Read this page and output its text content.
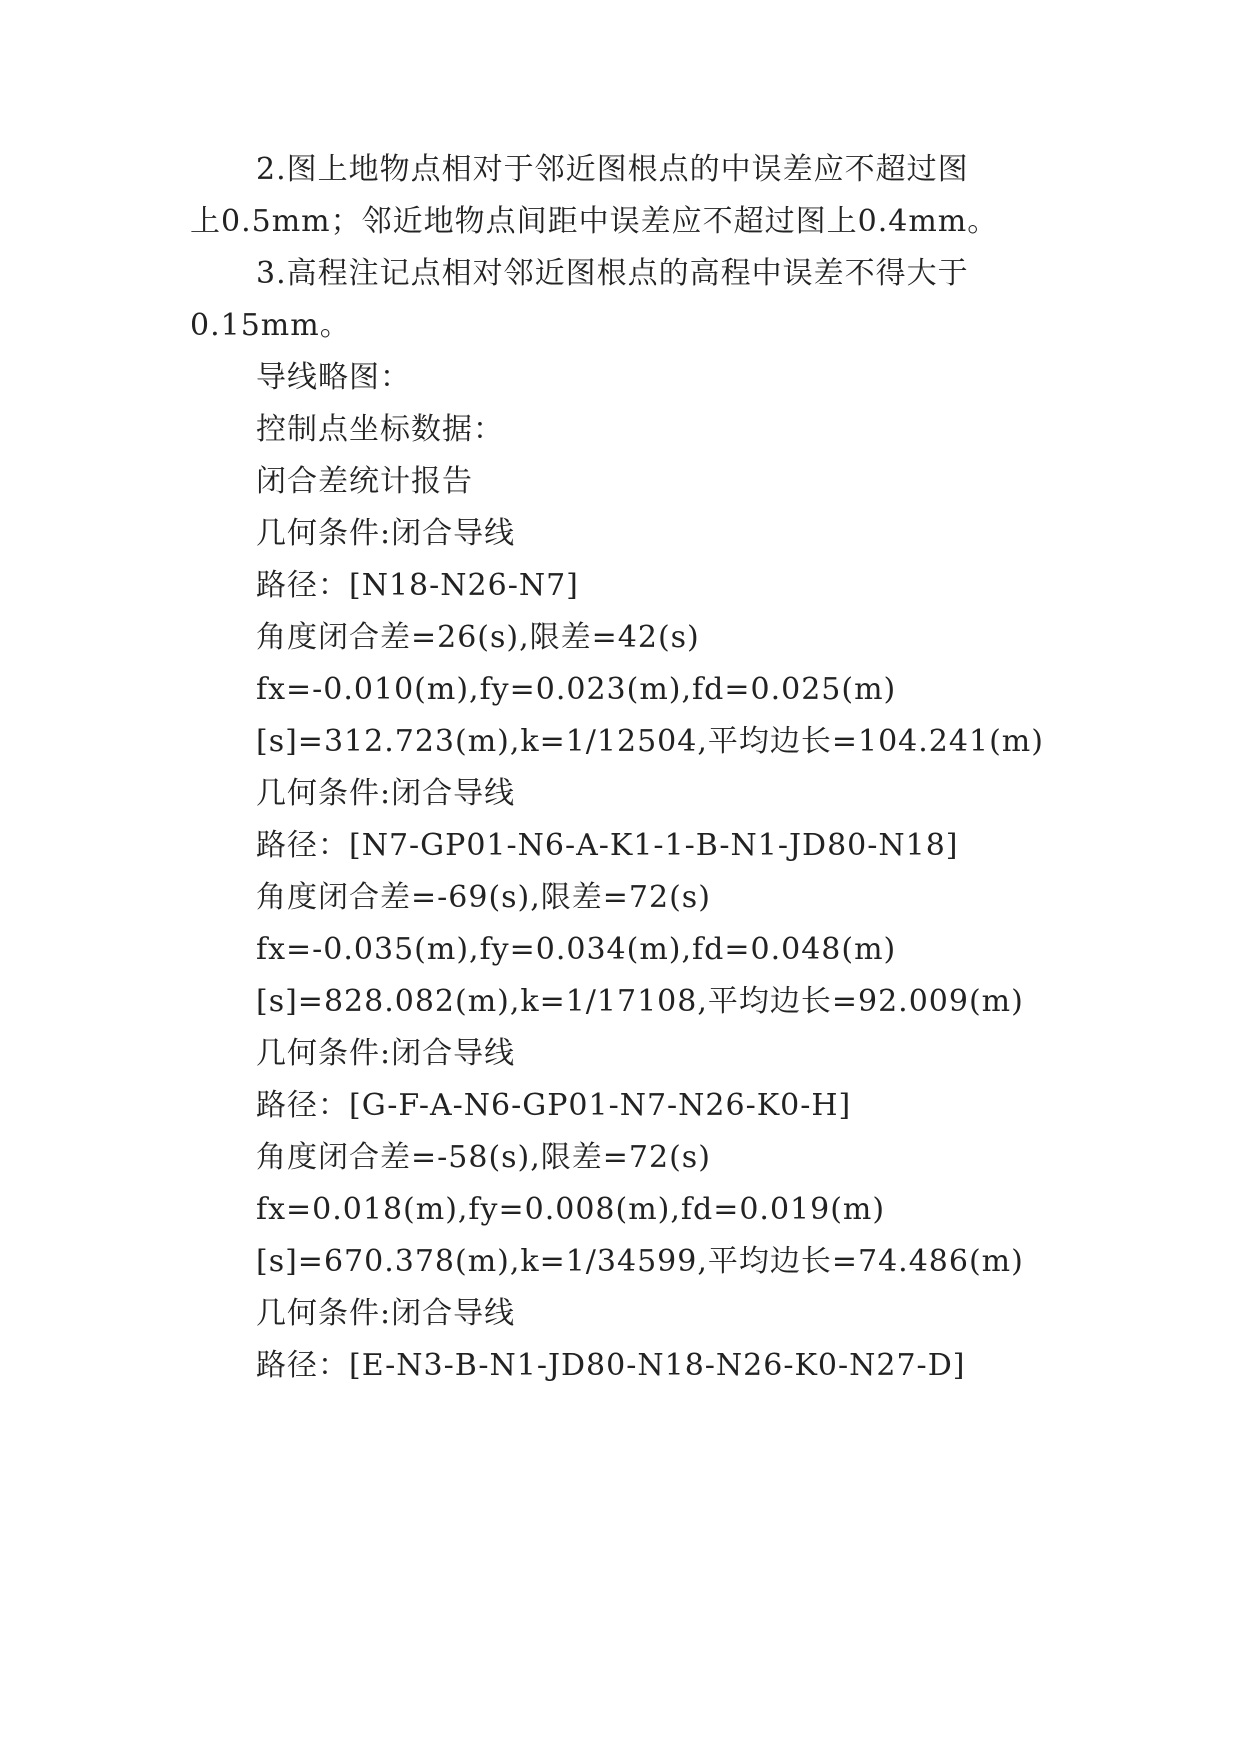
2.图上地物点相对于邻近图根点的中误差应不超过图
上0.5mm；邻近地物点间距中误差应不超过图上0.4mm。
3.高程注记点相对邻近图根点的高程中误差不得大于
0.15mm。
导线略图：
控制点坐标数据：
闭合差统计报告
几何条件:闭合导线
路径：[N18-N26-N7]
角度闭合差=26(s),限差=42(s)
fx=-0.010(m),fy=0.023(m),fd=0.025(m)
[s]=312.723(m),k=1/12504,平均边长=104.241(m)
几何条件:闭合导线
路径：[N7-GP01-N6-A-K1-1-B-N1-JD80-N18]
角度闭合差=-69(s),限差=72(s)
fx=-0.035(m),fy=0.034(m),fd=0.048(m)
[s]=828.082(m),k=1/17108,平均边长=92.009(m)
几何条件:闭合导线
路径：[G-F-A-N6-GP01-N7-N26-K0-H]
角度闭合差=-58(s),限差=72(s)
fx=0.018(m),fy=0.008(m),fd=0.019(m)
[s]=670.378(m),k=1/34599,平均边长=74.486(m)
几何条件:闭合导线
路径：[E-N3-B-N1-JD80-N18-N26-K0-N27-D]
